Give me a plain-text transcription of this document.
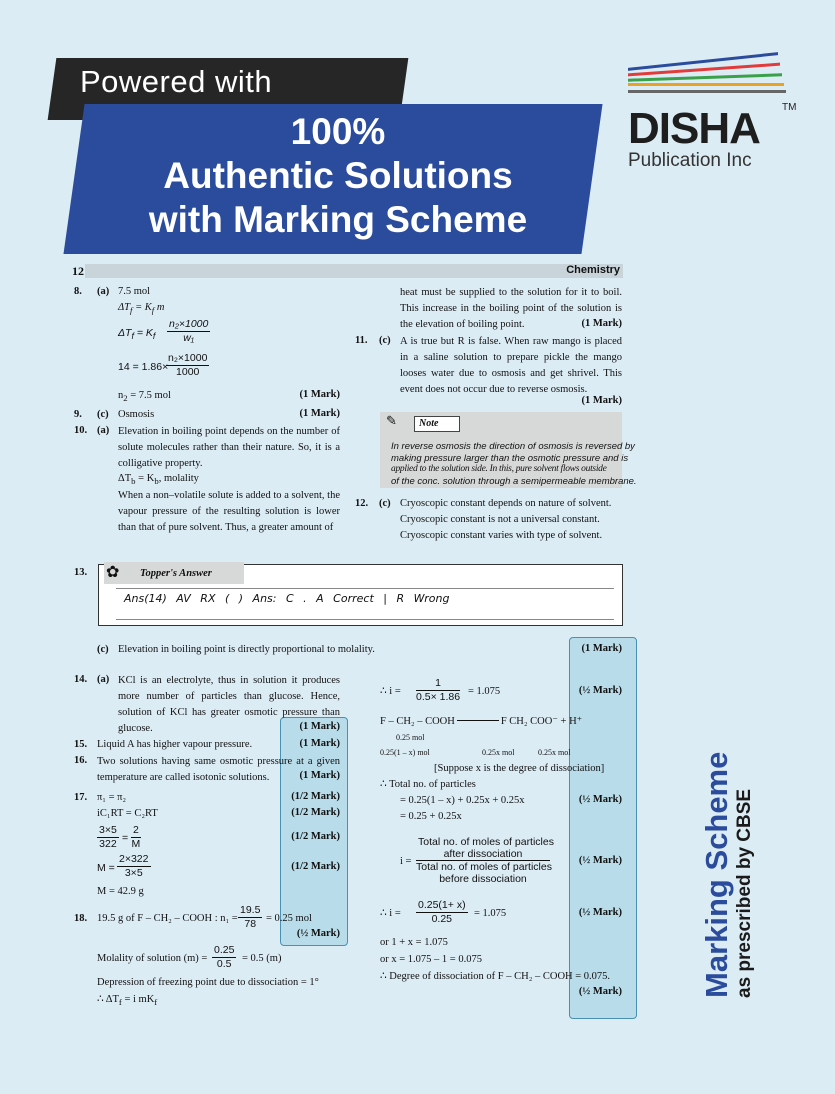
Powered with
100%
Authentic Solutions
with Marking Scheme
DISHA TM
Publication Inc
Marking Scheme as prescribed by CBSE
12	Chemistry
8. (a) 7.5 mol
$\Delta T_f = K_f$ m
$\Delta T_f = K_f \frac{\text{n₂×1000}}{\text{w₁}}$
14 = 1.86×
$\frac{\text{n₂×1000}}{1000}$
$n_2 = 7.5$ mol	(1 Mark)
9. (c) Osmosis	(1 Mark)
10. (a) Elevation in boiling point depends on the number of solute molecules rather than their nature. So, it is a colligative property.
$\Delta T_b = K_b$, molality
When a non–volatile solute is added to a solvent, the vapour pressure of the resulting solution is lower than that of pure solvent. Thus, a greater amount of
heat must be supplied to the solution for it to boil. This increase in the boiling point of the solution is the elevation of boiling point.	(1 Mark)
11. (c) A is true but R is false. When raw mango is placed in a saline solution to prepare pickle the mango looses water due to osmosis and get shrivel. This event does not occur due to reverse osmosis.
(1 Mark)
✎	Note
In reverse osmosis the direction of osmosis is reversed by
making pressure larger than the osmotic pressure and is
applied to the solution side. In this, pure solvent flows outside
of the conc. solution through a semipermeable membrane.
12. (c) Cryoscopic constant depends on nature of solvent.
Cryoscopic constant is not a universal constant.
Cryoscopic constant varies with type of solvent.
13. ✿ Topper's Answer
Ans(14) AV RX ( ) Ans: C . A Correct | R Wrong
(c) Elevation in boiling point is directly proportional to molality.	(1 Mark)
14. (a) KCl is an electrolyte, thus in solution it produces more number of particles than glucose. Hence, solution of KCl has greater osmotic pressure than glucose.	(1 Mark)
15. Liquid A has higher vapour pressure.	(1 Mark)
16. Two solutions having same osmotic pressure at a given temperature are called isotonic solutions.	(1 Mark)
17. π₁ = π₂	(1/2 Mark)
iC₁RT = C₂RT	(1/2 Mark)
$\frac{3\times 5}{322} = \frac{2}{M}$	(1/2 Mark)
$M = \frac{2\times 322}{3\times 5}$	(1/2 Mark)
M = 42.9 g
18. 19.5 g of F – CH₂ – COOH : $n_1 = \frac{19.5}{78} = 0.25$ mol
(½ Mark)
Molality of solution $(m) = \frac{0.25}{0.5} = 0.5$ (m)
Depression of freezing point due to dissociation = 1°
∴ $\Delta T_f = i$ $mK_f$
∴ $i = \frac{1}{0.5\times 1.86} = 1.075$	(½ Mark)
F – CH₂ – COOH	F CH₂ COO⁻ + H⁺
0.25 mol
0.25(1 – x) mol	0.25x mol	0.25x mol
[Suppose x is the degree of dissociation]
∴ Total no. of particles
= 0.25(1 – x) + 0.25x + 0.25x	(½ Mark)
= 0.25 + 0.25x
i =
Total no. of moles of particles
after dissociation
Total no. of moles of particles
before dissociation
(½ Mark)
∴ $i = \frac{0.25(1+ x)}{0.25} = 1.075$	(½ Mark)
or 1 + x = 1.075
or x = 1.075 – 1 = 0.075
∴ Degree of dissociation of F – CH₂ – COOH = 0.075.
(½ Mark)
